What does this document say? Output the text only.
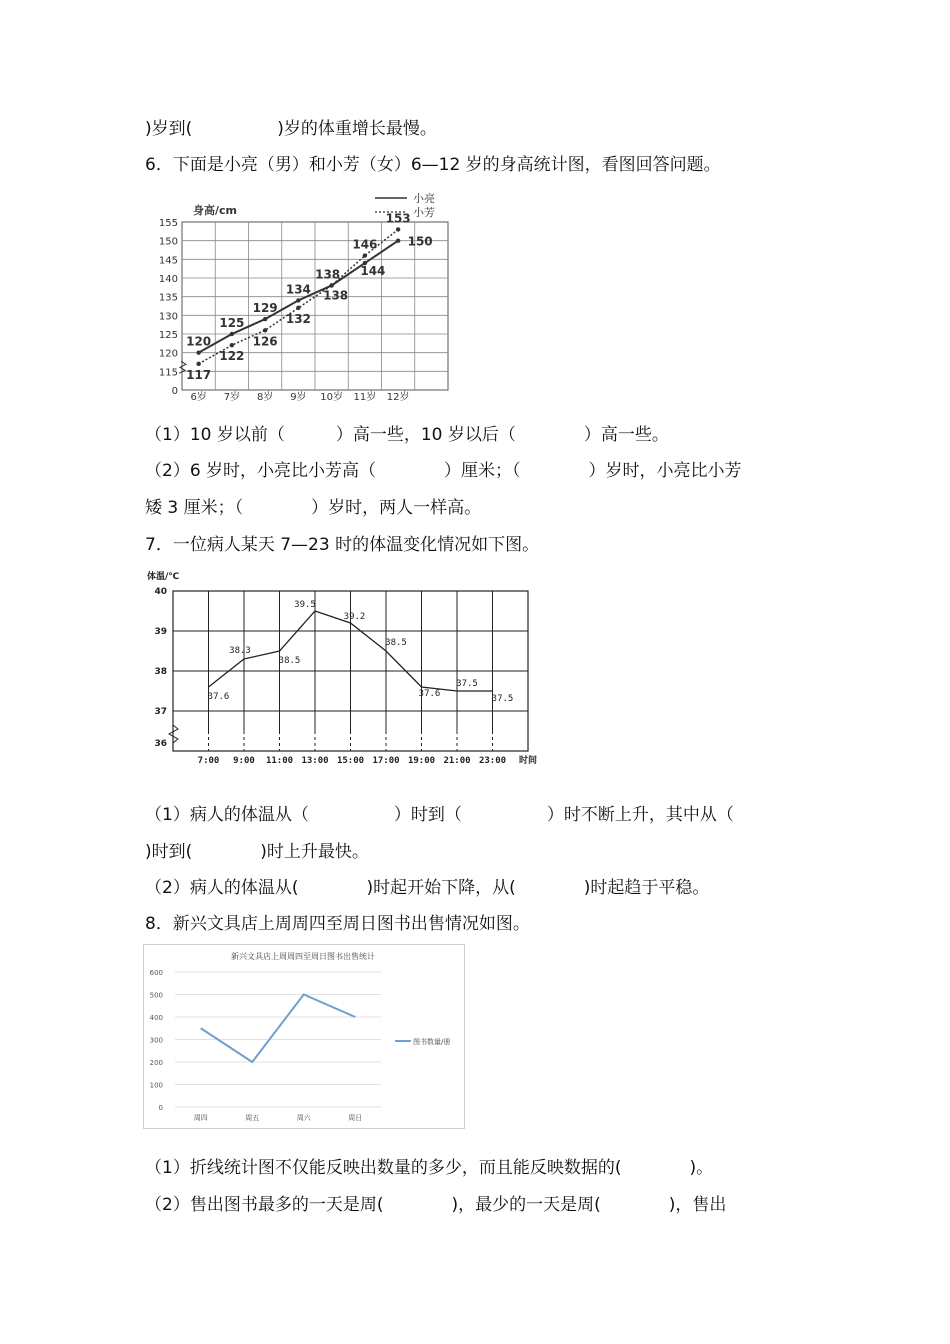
)岁到(　　　　　)岁的体重增长最慢。
6．下面是小亮（男）和小芳（女）6—12 岁的身高统计图，看图回答问题。
155
150
145
140
135
130
125
120
115
0
身高/cm
6岁 7岁 8岁 9岁 10岁 11岁 12岁
120
125
129
134
138 144
150
117
122
126
132
138
146
153
小亮
小芳
（1）10 岁以前（　　　）高一些，10 岁以后（　　　　）高一些。
（2）6 岁时，小亮比小芳高（　　　　）厘米；（　　　　）岁时，小亮比小芳
矮 3 厘米；（　　　　）岁时，两人一样高。
7．一位病人某天 7—23 时的体温变化情况如下图。
40
39
38
37
36
体温/℃
37.6
38.3
38.5
39.5
39.2
38.5
37.6
37.5
37.5
7:00 9:00 11:00 13:00 15:00 17:00 19:00 21:00 23:00 时间
（1）病人的体温从（　　　　　）时到（　　　　　）时不断上升，其中从（
)时到(　　　　)时上升最快。
（2）病人的体温从(　　　　)时起开始下降，从(　　　　)时起趋于平稳。
8．新兴文具店上周周四至周日图书出售情况如图。
新兴文具店上周周四至周日图书出售统计
600
500
400
300
200
100
0
周四	周五	周六	周日
图书数量/册
（1）折线统计图不仅能反映出数量的多少，而且能反映数据的(　　　　)。
（2）售出图书最多的一天是周(　　　　)，最少的一天是周(　　　　)，售出
